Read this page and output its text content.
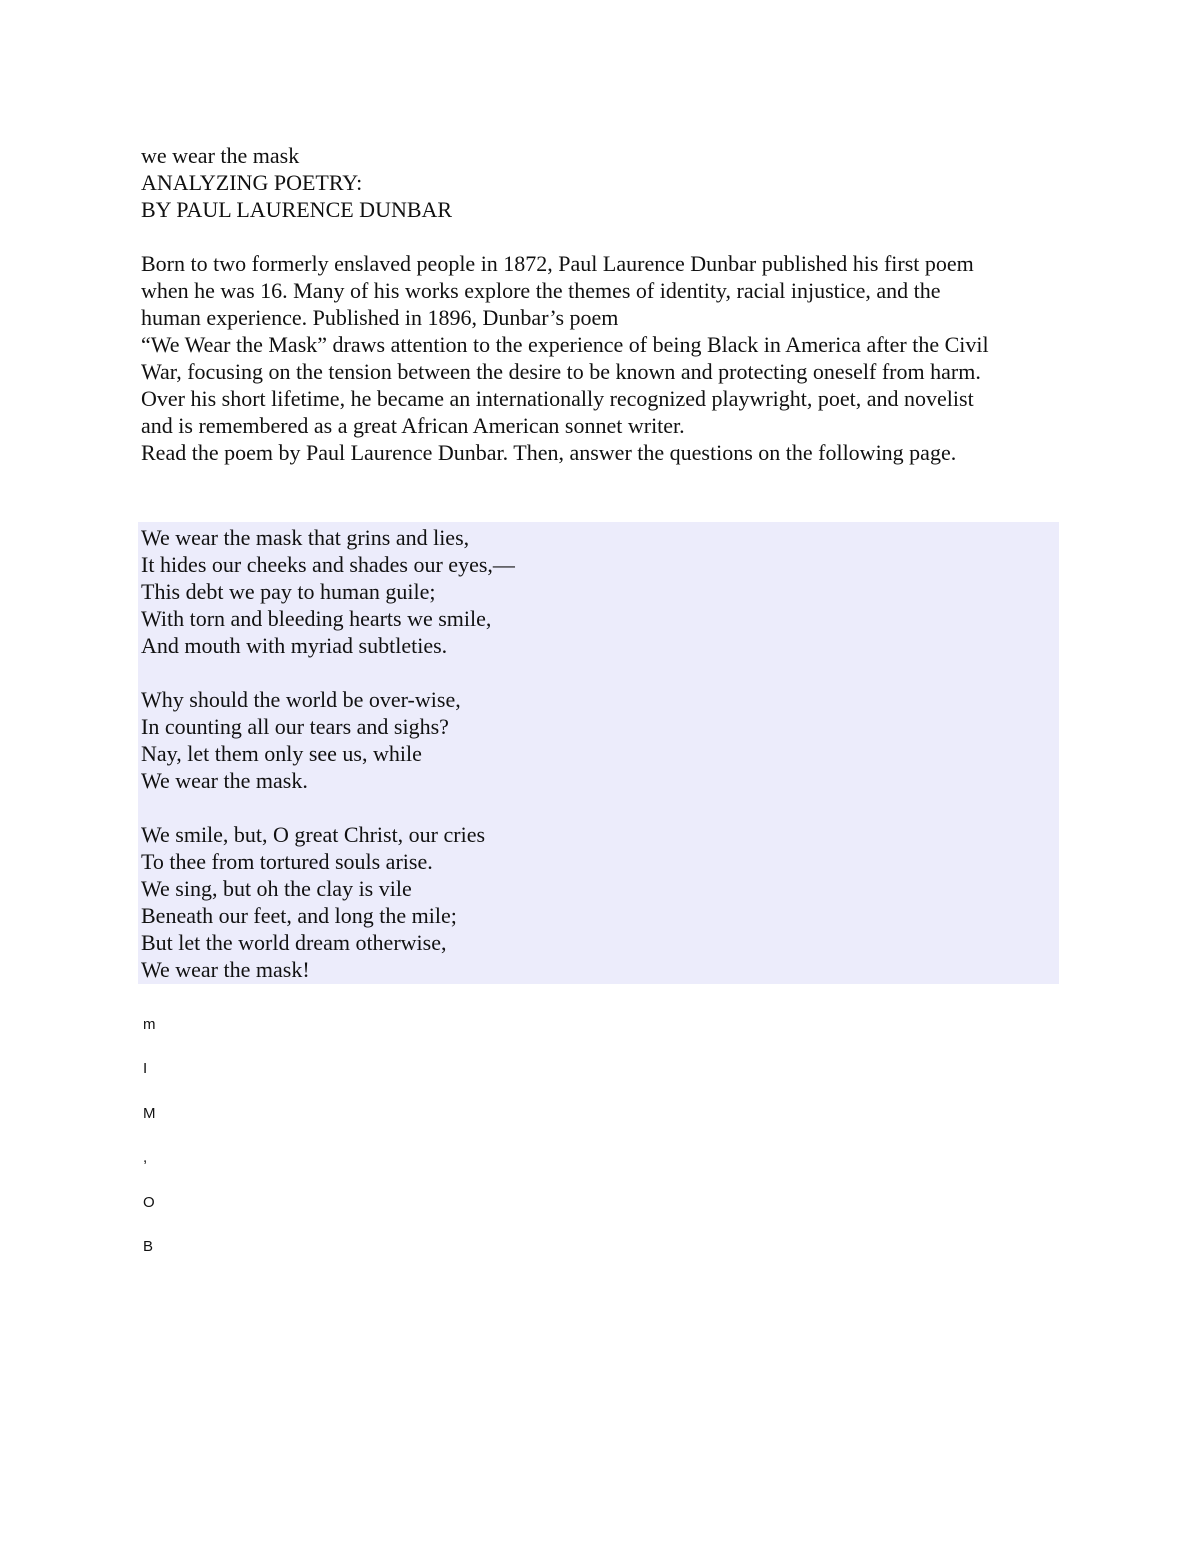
we wear the mask
ANALYZING POETRY:
BY PAUL LAURENCE DUNBAR
Born to two formerly enslaved people in 1872, Paul Laurence Dunbar published his first poem
when he was 16. Many of his works explore the themes of identity, racial injustice, and the
human experience. Published in 1896, Dunbar’s poem
“We Wear the Mask” draws attention to the experience of being Black in America after the Civil
War, focusing on the tension between the desire to be known and protecting oneself from harm.
Over his short lifetime, he became an internationally recognized playwright, poet, and novelist
and is remembered as a great African American sonnet writer.
Read the poem by Paul Laurence Dunbar. Then, answer the questions on the following page.
We wear the mask that grins and lies,
It hides our cheeks and shades our eyes,—
This debt we pay to human guile;
With torn and bleeding hearts we smile,
And mouth with myriad subtleties.
Why should the world be over-wise,
In counting all our tears and sighs?
Nay, let them only see us, while
We wear the mask.
We smile, but, O great Christ, our cries
To thee from tortured souls arise.
We sing, but oh the clay is vile
Beneath our feet, and long the mile;
But let the world dream otherwise,
We wear the mask!
m
I
M
,
O
B
